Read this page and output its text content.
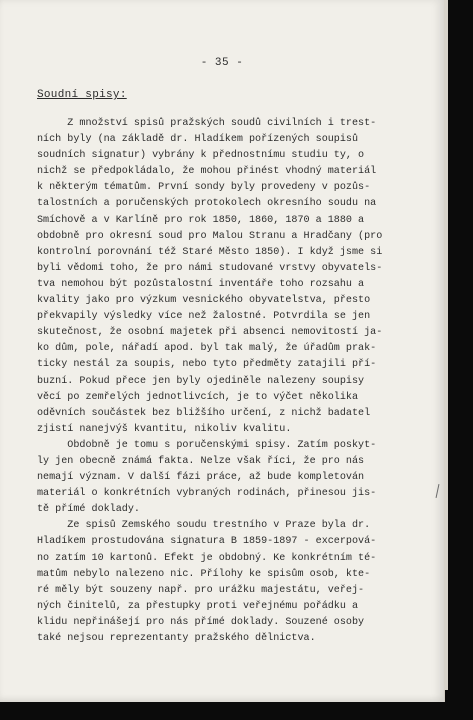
- 35 -
Soudní spisy:
Z množství spisů pražských soudů civilních i trest-
ních byly (na základě dr. Hladíkem pořízených soupisů
soudních signatur) vybrány k přednostnímu studiu ty, o
nichž se předpokládalo, že mohou přinést vhodný materiál
k některým tématům. První sondy byly provedeny v pozůs-
talostních a poručenských protokolech okresního soudu na
Smíchově a v Karlíně pro rok 1850, 1860, 1870 a 1880 a
obdobně pro okresní soud pro Malou Stranu a Hradčany (pro
kontrolní porovnání též Staré Město 1850). I když jsme si
byli vědomi toho, že pro námi studované vrstvy obyvatels-
tva nemohou být pozůstalostní inventáře toho rozsahu a
kvality jako pro výzkum vesnického obyvatelstva, přesto
překvapily výsledky více než žalostné. Potvrdila se jen
skutečnost, že osobní majetek při absenci nemovitostí ja-
ko dům, pole, nářadí apod. byl tak malý, že úřadům prak-
ticky nestál za soupis, nebo tyto předměty zatajili pří-
buzní. Pokud přece jen byly ojediněle nalezeny soupisy
věcí po zemřelých jednotlivcích, je to výčet několika
oděvních součástek bez bližšího určení, z nichž badatel
zjistí nanejvýš kvantitu, nikoliv kvalitu.
Obdobně je tomu s poručenskými spisy. Zatím poskyt-
ly jen obecně známá fakta. Nelze však říci, že pro nás
nemají význam. V další fázi práce, až bude kompletován
materiál o konkrétních vybraných rodinách, přinesou jis-
tě přímé doklady.
Ze spisů Zemského soudu trestního v Praze byla dr.
Hladíkem prostudována signatura B 1859-1897 - excerpová-
no zatím 10 kartonů. Efekt je obdobný. Ke konkrétním té-
matům nebylo nalezeno nic. Přílohy ke spisům osob, kte-
ré měly být souzeny např. pro urážku majestátu, veřej-
ných činitelů, za přestupky proti veřejnému pořádku a
klidu nepřinášejí pro nás přímé doklady. Souzené osoby
také nejsou reprezentanty pražského dělnictva.
